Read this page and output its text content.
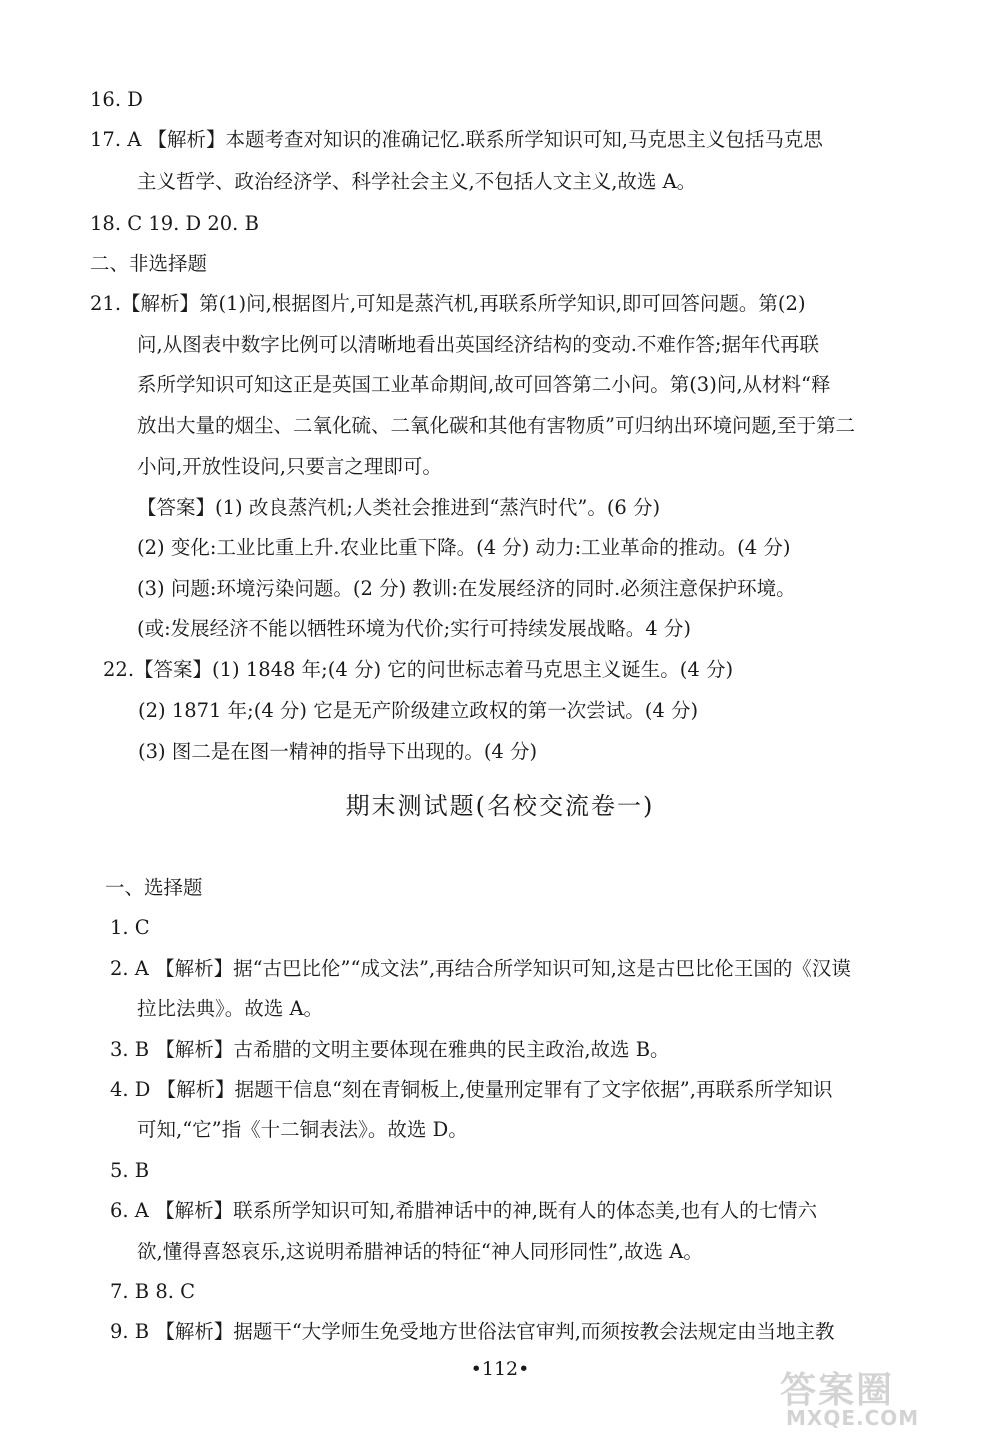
16. D
17. A 【解析】本题考查对知识的准确记忆.联系所学知识可知,马克思主义包括马克思
主义哲学、政治经济学、科学社会主义,不包括人文主义,故选 A。
18. C 19. D 20. B
二、非选择题
21.【解析】第(1)问,根据图片,可知是蒸汽机,再联系所学知识,即可回答问题。第(2)
问,从图表中数字比例可以清晰地看出英国经济结构的变动.不难作答;据年代再联
系所学知识可知这正是英国工业革命期间,故可回答第二小问。第(3)问,从材料“释
放出大量的烟尘、二氧化硫、二氧化碳和其他有害物质”可归纳出环境问题,至于第二
小问,开放性设问,只要言之理即可。
【答案】(1) 改良蒸汽机;人类社会推进到“蒸汽时代”。(6 分)
(2) 变化:工业比重上升.农业比重下降。(4 分) 动力:工业革命的推动。(4 分)
(3) 问题:环境污染问题。(2 分) 教训:在发展经济的同时.必须注意保护环境。
(或:发展经济不能以牺牲环境为代价;实行可持续发展战略。4 分)
22.【答案】(1) 1848 年;(4 分) 它的问世标志着马克思主义诞生。(4 分)
(2) 1871 年;(4 分) 它是无产阶级建立政权的第一次尝试。(4 分)
(3) 图二是在图一精神的指导下出现的。(4 分)
期末测试题(名校交流卷一)
一、选择题
1. C
2. A 【解析】据“古巴比伦”“成文法”,再结合所学知识可知,这是古巴比伦王国的《汉谟
拉比法典》。故选 A。
3. B 【解析】古希腊的文明主要体现在雅典的民主政治,故选 B。
4. D 【解析】据题干信息“刻在青铜板上,使量刑定罪有了文字依据”,再联系所学知识
可知,“它”指《十二铜表法》。故选 D。
5. B
6. A 【解析】联系所学知识可知,希腊神话中的神,既有人的体态美,也有人的七情六
欲,懂得喜怒哀乐,这说明希腊神话的特征“神人同形同性”,故选 A。
7. B 8. C
9. B 【解析】据题干“大学师生免受地方世俗法官审判,而须按教会法规定由当地主教
•112•
答案圈
MXQE.COM
